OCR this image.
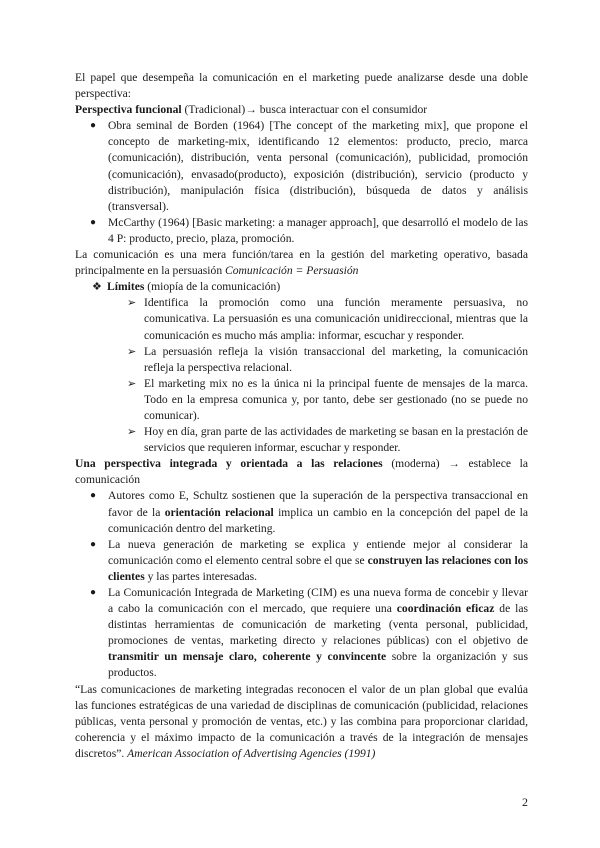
El papel que desempeña la comunicación en el marketing puede analizarse desde una doble perspectiva:

Perspectiva funcional (Tradicional)→ busca interactuar con el consumidor

● Obra seminal de Borden (1964) [The concept of the marketing mix], que propone el concepto de marketing-mix, identificando 12 elementos: producto, precio, marca (comunicación), distribución, venta personal (comunicación), publicidad, promoción (comunicación), envasado(producto), exposición (distribución), servicio (producto y distribución), manipulación física (distribución), búsqueda de datos y análisis (transversal).
● McCarthy (1964) [Basic marketing: a manager approach], que desarrolló el modelo de las 4 P: producto, precio, plaza, promoción.

La comunicación es una mera función/tarea en la gestión del marketing operativo, basada principalmente en la persuasión Comunicación = Persuasión

❖ Límites (miopía de la comunicación)
➢ Identifica la promoción como una función meramente persuasiva, no comunicativa. La persuasión es una comunicación unidireccional, mientras que la comunicación es mucho más amplia: informar, escuchar y responder.
➢ La persuasión refleja la visión transaccional del marketing, la comunicación refleja la perspectiva relacional.
➢ El marketing mix no es la única ni la principal fuente de mensajes de la marca. Todo en la empresa comunica y, por tanto, debe ser gestionado (no se puede no comunicar).
➢ Hoy en día, gran parte de las actividades de marketing se basan en la prestación de servicios que requieren informar, escuchar y responder.

Una perspectiva integrada y orientada a las relaciones (moderna) → establece la comunicación

● Autores como E, Schultz sostienen que la superación de la perspectiva transaccional en favor de la orientación relacional implica un cambio en la concepción del papel de la comunicación dentro del marketing.
● La nueva generación de marketing se explica y entiende mejor al considerar la comunicación como el elemento central sobre el que se construyen las relaciones con los clientes y las partes interesadas.
● La Comunicación Integrada de Marketing (CIM) es una nueva forma de concebir y llevar a cabo la comunicación con el mercado, que requiere una coordinación eficaz de las distintas herramientas de comunicación de marketing (venta personal, publicidad, promociones de ventas, marketing directo y relaciones públicas) con el objetivo de transmitir un mensaje claro, coherente y convincente sobre la organización y sus productos.

“Las comunicaciones de marketing integradas reconocen el valor de un plan global que evalúa las funciones estratégicas de una variedad de disciplinas de comunicación (publicidad, relaciones públicas, venta personal y promoción de ventas, etc.) y las combina para proporcionar claridad, coherencia y el máximo impacto de la comunicación a través de la integración de mensajes discretos”. American Association of Advertising Agencies (1991)

2
